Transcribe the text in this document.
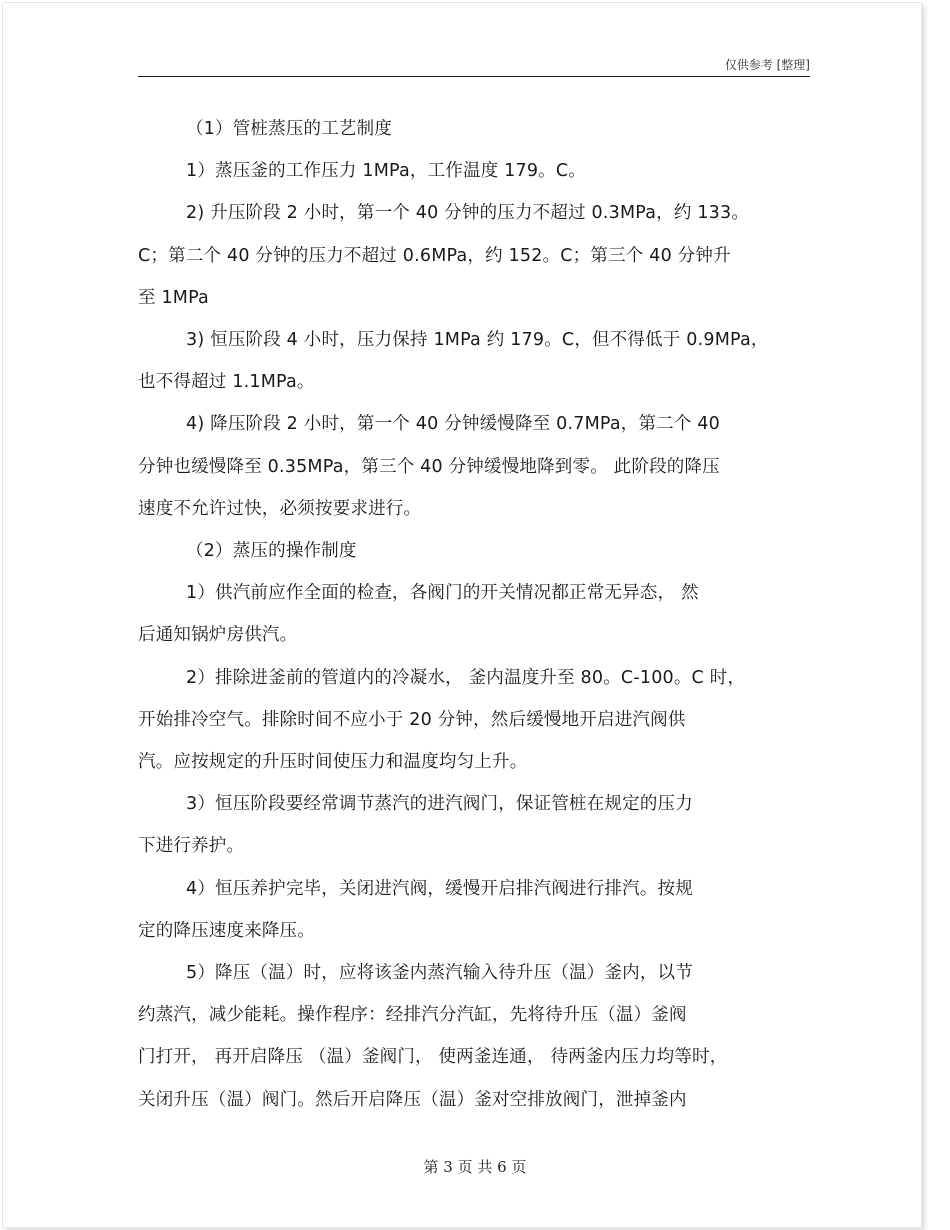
仅供参考 [整理]

（1）管桩蒸压的工艺制度

1）蒸压釜的工作压力 1MPa，工作温度 179。C。

2) 升压阶段 2 小时，第一个 40 分钟的压力不超过 0.3MPa，约 133。
C；第二个 40 分钟的压力不超过 0.6MPa，约 152。C；第三个 40 分钟升
至 1MPa

3) 恒压阶段 4 小时，压力保持 1MPa 约 179。C，但不得低于 0.9MPa，
也不得超过 1.1MPa。

4) 降压阶段 2 小时，第一个 40 分钟缓慢降至 0.7MPa，第二个 40
分钟也缓慢降至 0.35MPa，第三个 40 分钟缓慢地降到零。 此阶段的降压
速度不允许过快，必须按要求进行。

（2）蒸压的操作制度

1）供汽前应作全面的检查，各阀门的开关情况都正常无异态， 然
后通知锅炉房供汽。

2）排除进釜前的管道内的冷凝水， 釜内温度升至 80。C-100。C 时，
开始排冷空气。排除时间不应小于 20 分钟，然后缓慢地开启进汽阀供
汽。应按规定的升压时间使压力和温度均匀上升。

3）恒压阶段要经常调节蒸汽的进汽阀门，保证管桩在规定的压力
下进行养护。

4）恒压养护完毕，关闭进汽阀，缓慢开启排汽阀进行排汽。按规
定的降压速度来降压。

5）降压（温）时，应将该釜内蒸汽输入待升压（温）釜内，以节
约蒸汽，减少能耗。操作程序：经排汽分汽缸，先将待升压（温）釜阀
门打开， 再开启降压 （温）釜阀门， 使两釜连通， 待两釜内压力均等时，
关闭升压（温）阀门。然后开启降压（温）釜对空排放阀门，泄掉釜内

第 3 页 共 6 页
